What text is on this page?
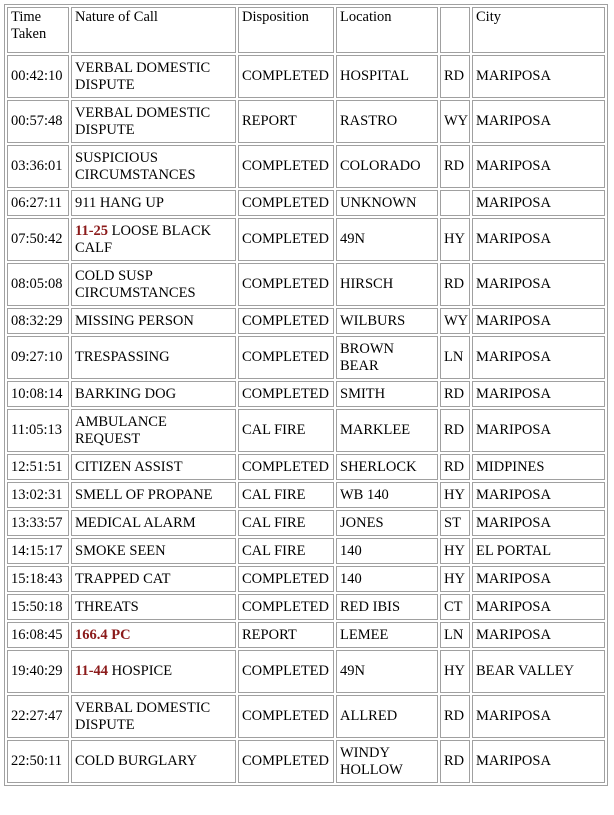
Time Taken	Nature of Call	Disposition	Location		City
00:42:10	VERBAL DOMESTIC DISPUTE	COMPLETED	HOSPITAL	RD	MARIPOSA
00:57:48	VERBAL DOMESTIC DISPUTE	REPORT	RASTRO	WY	MARIPOSA
03:36:01	SUSPICIOUS CIRCUMSTANCES	COMPLETED	COLORADO	RD	MARIPOSA
06:27:11	911 HANG UP	COMPLETED	UNKNOWN		MARIPOSA
07:50:42	11-25 LOOSE BLACK CALF	COMPLETED	49N	HY	MARIPOSA
08:05:08	COLD SUSP CIRCUMSTANCES	COMPLETED	HIRSCH	RD	MARIPOSA
08:32:29	MISSING PERSON	COMPLETED	WILBURS	WY	MARIPOSA
09:27:10	TRESPASSING	COMPLETED	BROWN BEAR	LN	MARIPOSA
10:08:14	BARKING DOG	COMPLETED	SMITH	RD	MARIPOSA
11:05:13	AMBULANCE REQUEST	CAL FIRE	MARKLEE	RD	MARIPOSA
12:51:51	CITIZEN ASSIST	COMPLETED	SHERLOCK	RD	MIDPINES
13:02:31	SMELL OF PROPANE	CAL FIRE	WB 140	HY	MARIPOSA
13:33:57	MEDICAL ALARM	CAL FIRE	JONES	ST	MARIPOSA
14:15:17	SMOKE SEEN	CAL FIRE	140	HY	EL PORTAL
15:18:43	TRAPPED CAT	COMPLETED	140	HY	MARIPOSA
15:50:18	THREATS	COMPLETED	RED IBIS	CT	MARIPOSA
16:08:45	166.4 PC	REPORT	LEMEE	LN	MARIPOSA
19:40:29	11-44 HOSPICE	COMPLETED	49N	HY	BEAR VALLEY
22:27:47	VERBAL DOMESTIC DISPUTE	COMPLETED	ALLRED	RD	MARIPOSA
22:50:11	COLD BURGLARY	COMPLETED	WINDY HOLLOW	RD	MARIPOSA
